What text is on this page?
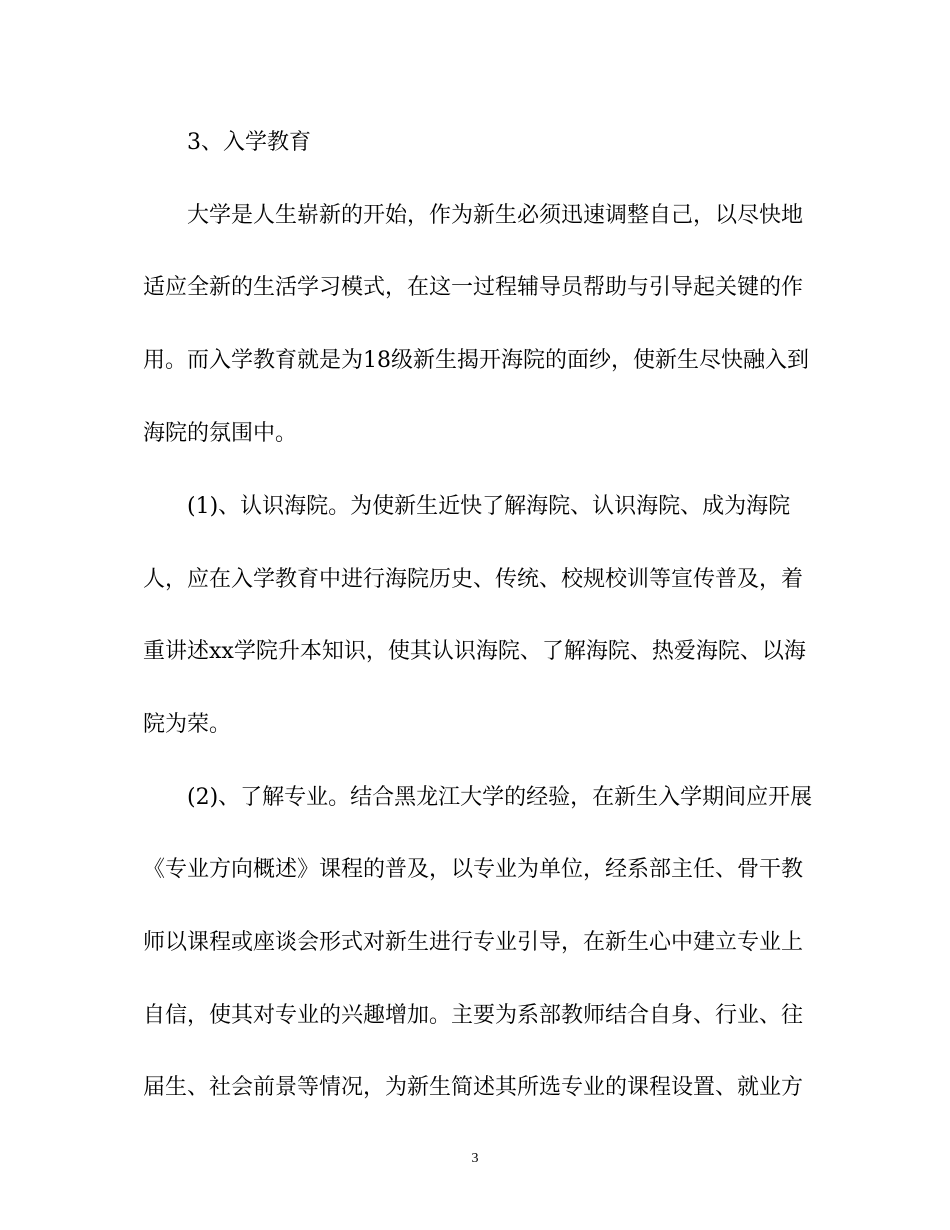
3、入学教育
大学是人生崭新的开始，作为新生必须迅速调整自己，以尽快地
适应全新的生活学习模式，在这一过程辅导员帮助与引导起关键的作
用。而入学教育就是为18级新生揭开海院的面纱，使新生尽快融入到
海院的氛围中。
(1)、认识海院。为使新生近快了解海院、认识海院、成为海院
人，应在入学教育中进行海院历史、传统、校规校训等宣传普及，着
重讲述xx学院升本知识，使其认识海院、了解海院、热爱海院、以海
院为荣。
(2)、了解专业。结合黑龙江大学的经验，在新生入学期间应开展
《专业方向概述》课程的普及，以专业为单位，经系部主任、骨干教
师以课程或座谈会形式对新生进行专业引导，在新生心中建立专业上
自信，使其对专业的兴趣增加。主要为系部教师结合自身、行业、往
届生、社会前景等情况，为新生简述其所选专业的课程设置、就业方
3
